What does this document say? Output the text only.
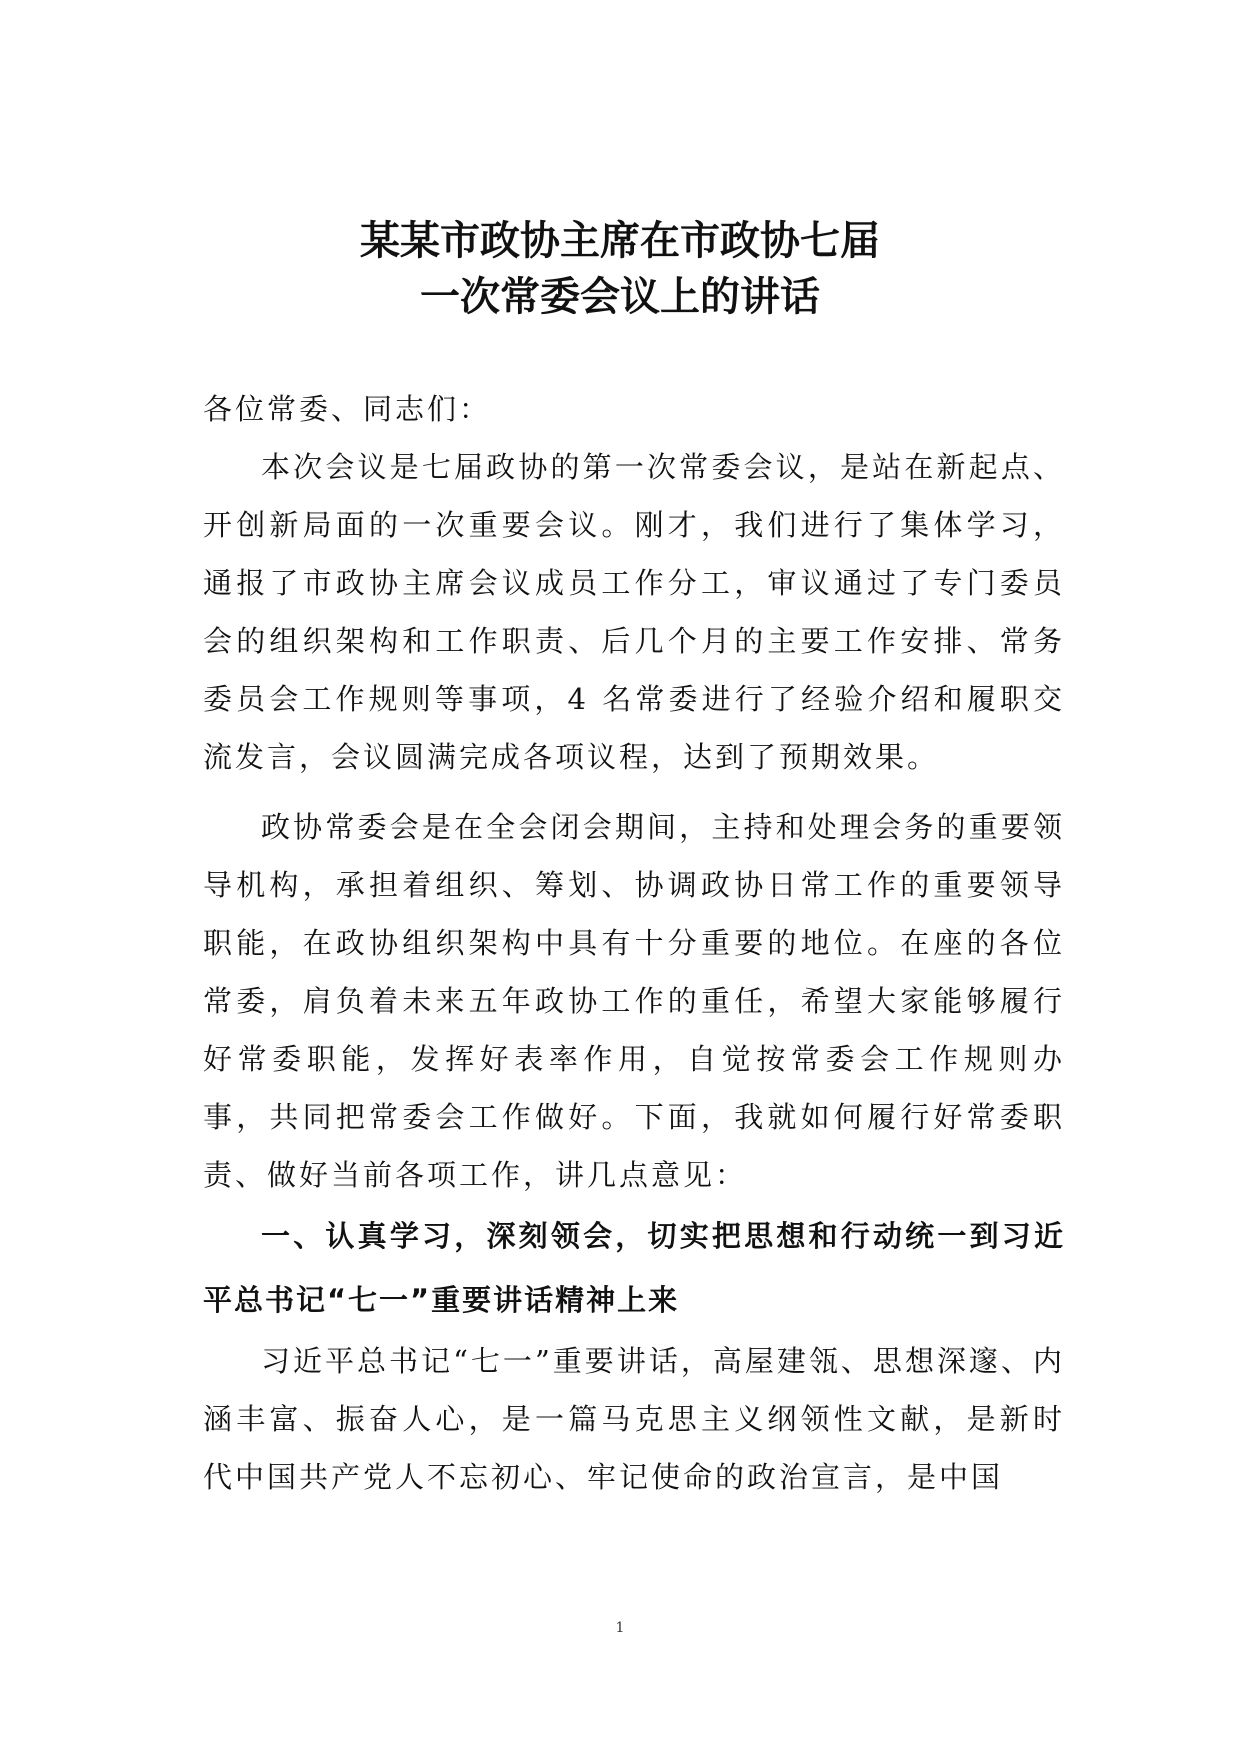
某某市政协主席在市政协七届
一次常委会议上的讲话

各位常委、同志们：

本次会议是七届政协的第一次常委会议，是站在新起点、开创新局面的一次重要会议。刚才，我们进行了集体学习，通报了市政协主席会议成员工作分工，审议通过了专门委员会的组织架构和工作职责、后几个月的主要工作安排、常务委员会工作规则等事项，4 名常委进行了经验介绍和履职交流发言，会议圆满完成各项议程，达到了预期效果。

政协常委会是在全会闭会期间，主持和处理会务的重要领导机构，承担着组织、筹划、协调政协日常工作的重要领导职能，在政协组织架构中具有十分重要的地位。在座的各位常委，肩负着未来五年政协工作的重任，希望大家能够履行好常委职能，发挥好表率作用，自觉按常委会工作规则办事，共同把常委会工作做好。下面，我就如何履行好常委职责、做好当前各项工作，讲几点意见：

一、认真学习，深刻领会，切实把思想和行动统一到习近平总书记“七一”重要讲话精神上来

习近平总书记“七一”重要讲话，高屋建瓴、思想深邃、内涵丰富、振奋人心，是一篇马克思主义纲领性文献，是新时代中国共产党人不忘初心、牢记使命的政治宣言，是中国

1
